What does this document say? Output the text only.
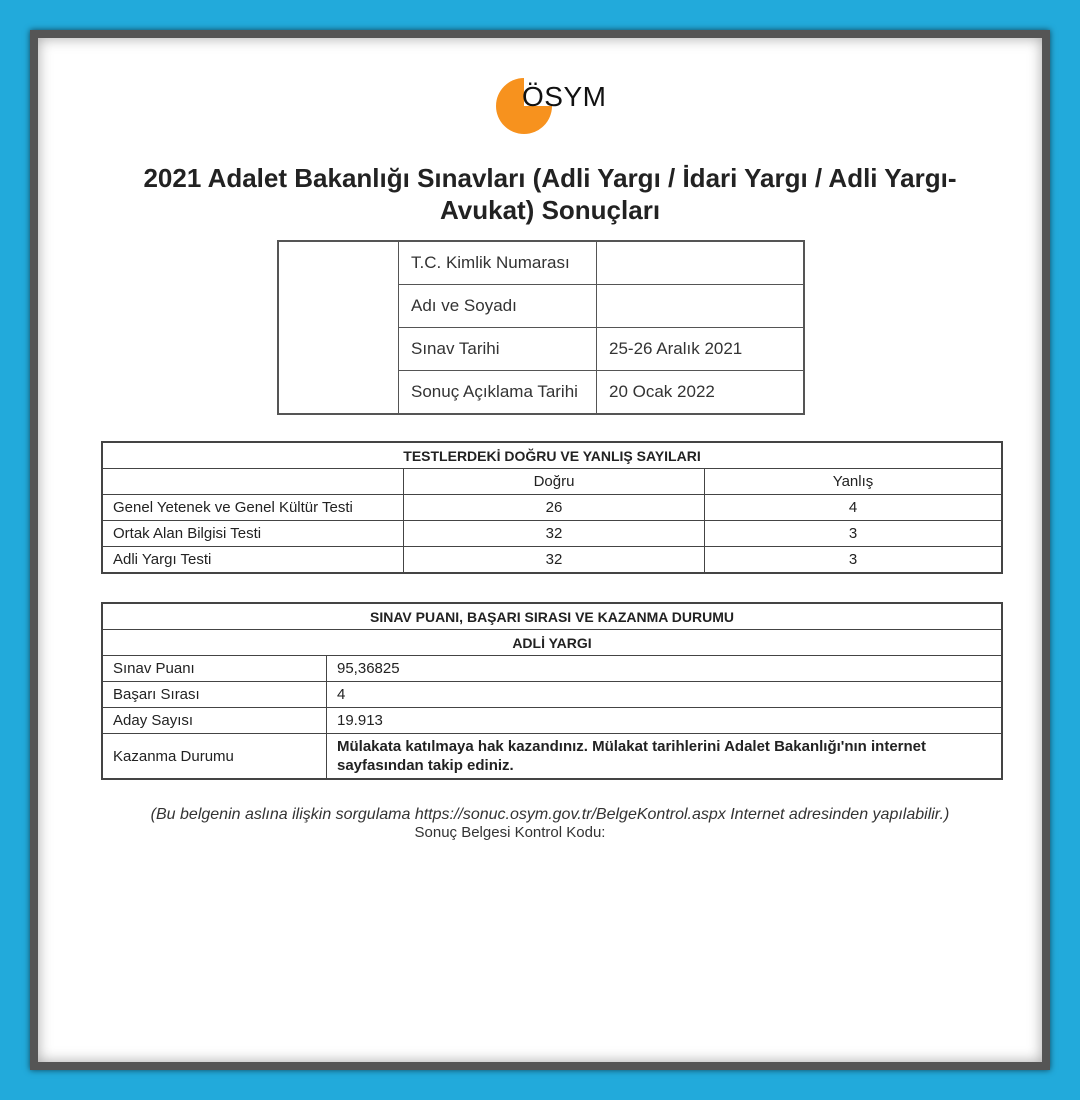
ÖSYM
2021 Adalet Bakanlığı Sınavları (Adli Yargı / İdari Yargı / Adli Yargı-
Avukat) Sonuçları
	T.C. Kimlik Numarası	
	Adı ve Soyadı	
	Sınav Tarihi	25-26 Aralık 2021
	Sonuç Açıklama Tarihi	20 Ocak 2022
TESTLERDEKİ DOĞRU VE YANLIŞ SAYILARI		
	Doğru	Yanlış
Genel Yetenek ve Genel Kültür Testi	26	4
Ortak Alan Bilgisi Testi	32	3
Adli Yargı Testi	32	3
SINAV PUANI, BAŞARI SIRASI VE KAZANMA DURUMU	
ADLİ YARGI	
Sınav Puanı	95,36825
Başarı Sırası	4
Aday Sayısı	19.913
Kazanma Durumu	Mülakata katılmaya hak kazandınız. Mülakat tarihlerini Adalet Bakanlığı'nın internet sayfasından takip ediniz.
(Bu belgenin aslına ilişkin sorgulama https://sonuc.osym.gov.tr/BelgeKontrol.aspx Internet adresinden yapılabilir.)
Sonuç Belgesi Kontrol Kodu:
